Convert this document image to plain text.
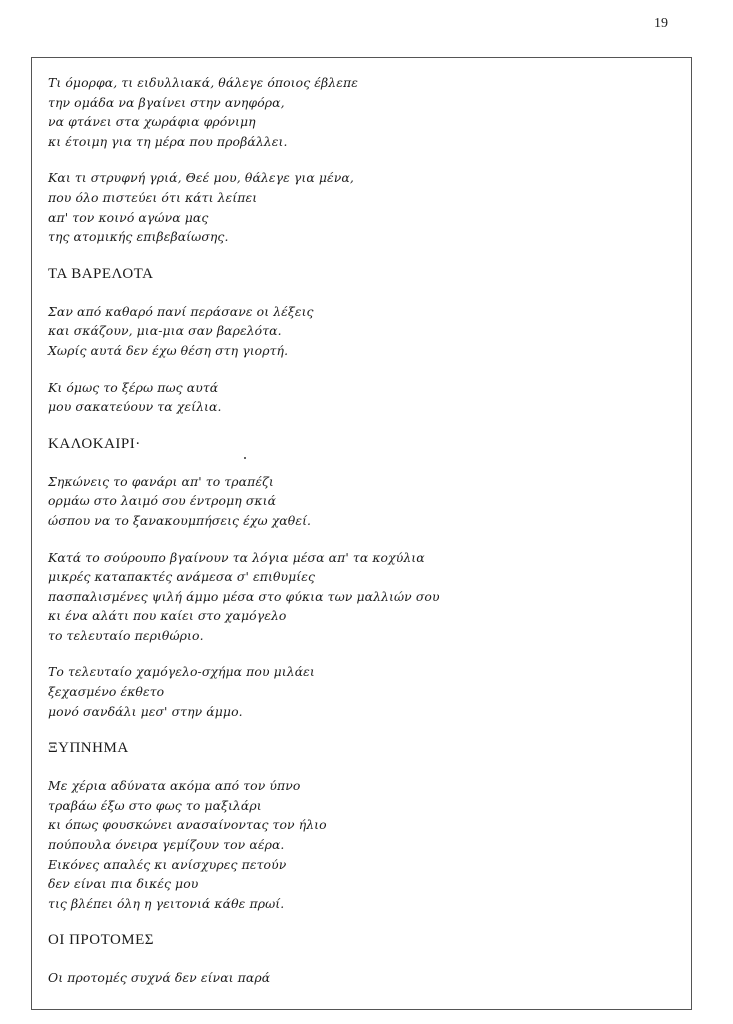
19
Τι όμορφα, τι ειδυλλιακά, θάλεγε όποιος έβλεπε
την ομάδα να βγαίνει στην ανηφόρα,
να φτάνει στα χωράφια φρόνιμη
κι έτοιμη για τη μέρα που προβάλλει.
Και τι στρυφνή γριά, Θεέ μου, θάλεγε για μένα,
που όλο πιστεύει ότι κάτι λείπει
απ' τον κοινό αγώνα μας
της ατομικής επιβεβαίωσης.
ΤΑ ΒΑΡΕΛΟΤΑ
Σαν από καθαρό πανί περάσανε οι λέξεις
και σκάζουν, μια-μια σαν βαρελότα.
Χωρίς αυτά δεν έχω θέση στη γιορτή.
Κι όμως το ξέρω πως αυτά
μου σακατεύουν τα χείλια.
ΚΑΛΟΚΑΙΡΙ·
Σηκώνεις το φανάρι απ' το τραπέζι
ορμάω στο λαιμό σου έντρομη σκιά
ώσπου να το ξανακουμπήσεις έχω χαθεί.
Κατά το σούρουπο βγαίνουν τα λόγια μέσα απ' τα κοχύλια
μικρές καταπακτές ανάμεσα σ' επιθυμίες
πασπαλισμένες ψιλή άμμο μέσα στο φύκια των μαλλιών σου
κι ένα αλάτι που καίει στο χαμόγελο
το τελευταίο περιθώριο.
Το τελευταίο χαμόγελο-σχήμα που μιλάει
ξεχασμένο έκθετο
μονό σανδάλι μεσ' στην άμμο.
ΞΥΠΝΗΜΑ
Με χέρια αδύνατα ακόμα από τον ύπνο
τραβάω έξω στο φως το μαξιλάρι
κι όπως φουσκώνει ανασαίνοντας τον ήλιο
πούπουλα όνειρα γεμίζουν τον αέρα.
Εικόνες απαλές κι ανίσχυρες πετούν
δεν είναι πια δικές μου
τις βλέπει όλη η γειτονιά κάθε πρωί.
ΟΙ ΠΡΟΤΟΜΕΣ
Οι προτομές συχνά δεν είναι παρά
